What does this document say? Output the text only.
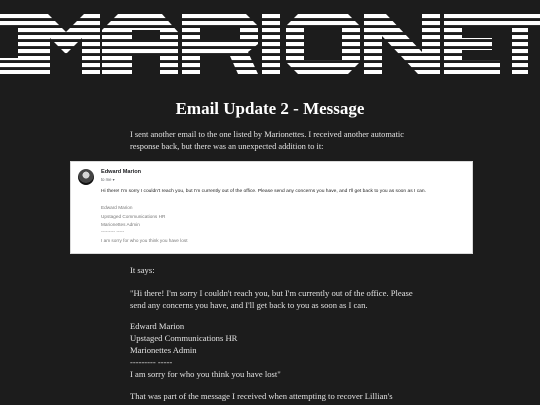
Email Update 2 - Message
I sent another email to the one listed by Marionettes. I received another automatic response back, but there was an unexpected addition to it:
Edward Marion
to me ▾
Hi there! I'm sorry I couldn't reach you, but I'm currently out of the office. Please send any concerns you have, and I'll get back to you as soon as I can.
Edward Marion
Upstaged Communications HR
Marionettes Admin
--------- -----
I am sorry for who you think you have lost
It says:
"Hi there! I'm sorry I couldn't reach you, but I'm currently out of the office. Please send any concerns you have, and I'll get back to you as soon as I can.
Edward Marion
Upstaged Communications HR
Marionettes Admin
--------- -----
I am sorry for who you think you have lost"
That was part of the message I received when attempting to recover Lillian's
